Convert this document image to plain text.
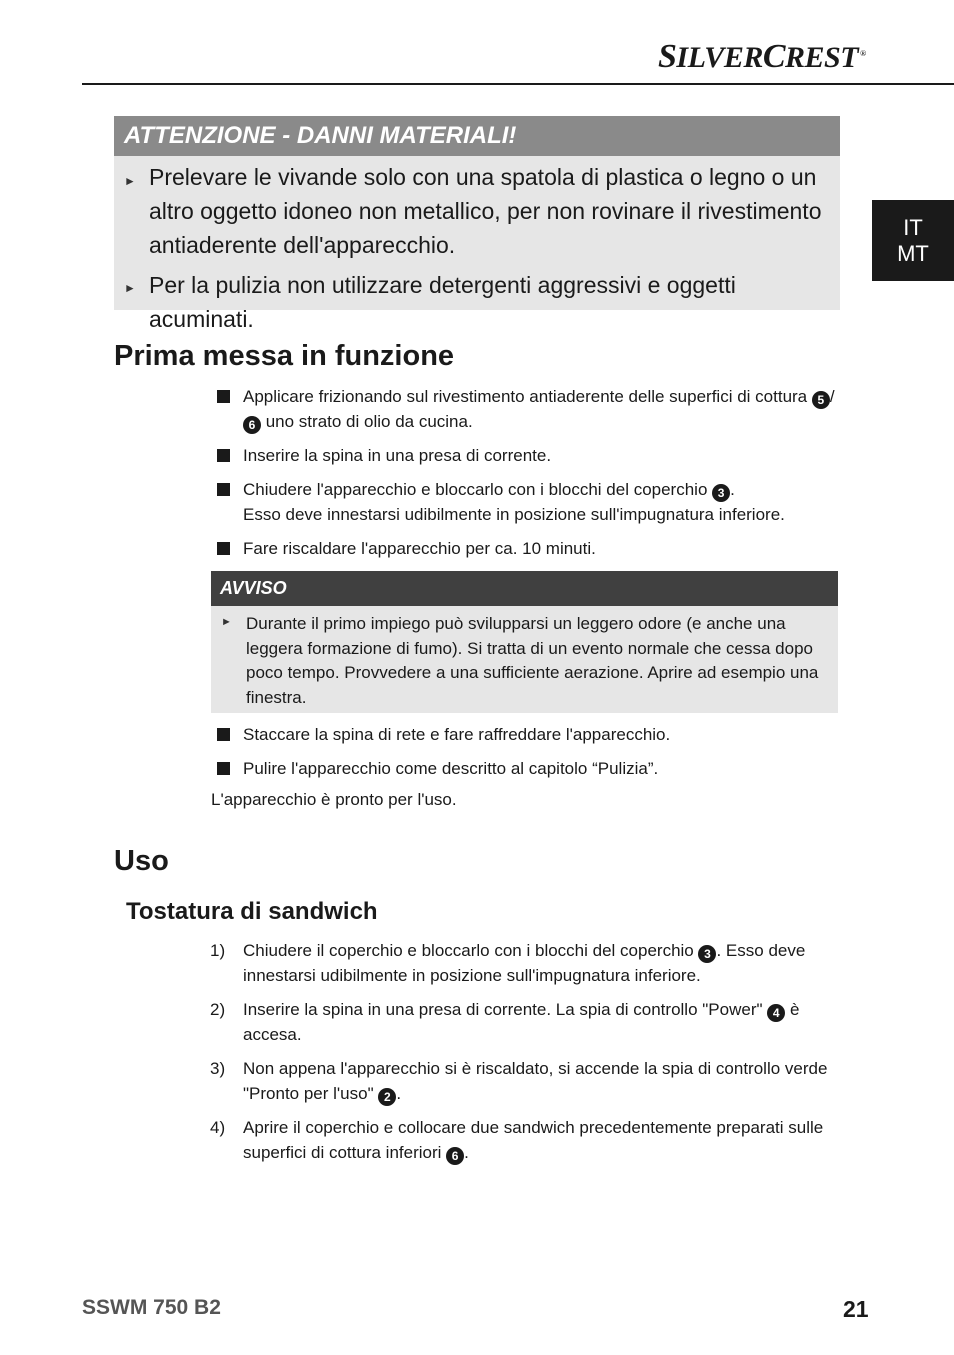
SILVERCREST ®
IT
MT
ATTENZIONE - DANNI MATERIALI!
► Prelevare le vivande solo con una spatola di plastica o legno o un altro oggetto idoneo non metallico, per non rovinare il rivestimento antiaderente dell'apparecchio.
► Per la pulizia non utilizzare detergenti aggressivi e oggetti acuminati.
Prima messa in funzione
Applicare frizionando sul rivestimento antiaderente delle superfici di cottura 5 /
6 uno strato di olio da cucina.
Inserire la spina in una presa di corrente.
Chiudere l'apparecchio e bloccarlo con i blocchi del coperchio 3 .
Esso deve innestarsi udibilmente in posizione sull'impugnatura inferiore.
Fare riscaldare l'apparecchio per ca. 10 minuti.
AVVISO
► Durante il primo impiego può svilupparsi un leggero odore (e anche una leggera formazione di fumo). Si tratta di un evento normale che cessa dopo poco tempo. Provvedere a una sufficiente aerazione. Aprire ad esempio una finestra.
Staccare la spina di rete e fare raffreddare l'apparecchio.
Pulire l'apparecchio come descritto al capitolo “Pulizia”.
L'apparecchio è pronto per l'uso.
Uso
Tostatura di sandwich
1) Chiudere il coperchio e bloccarlo con i blocchi del coperchio 3 . Esso deve innestarsi udibilmente in posizione sull'impugnatura inferiore.
2) Inserire la spina in una presa di corrente. La spia di controllo "Power" 4 è accesa.
3) Non appena l'apparecchio si è riscaldato, si accende la spia di controllo verde "Pronto per l'uso" 2 .
4) Aprire il coperchio e collocare due sandwich precedentemente preparati sulle superfici di cottura inferiori 6 .
SSWM 750 B2	21
